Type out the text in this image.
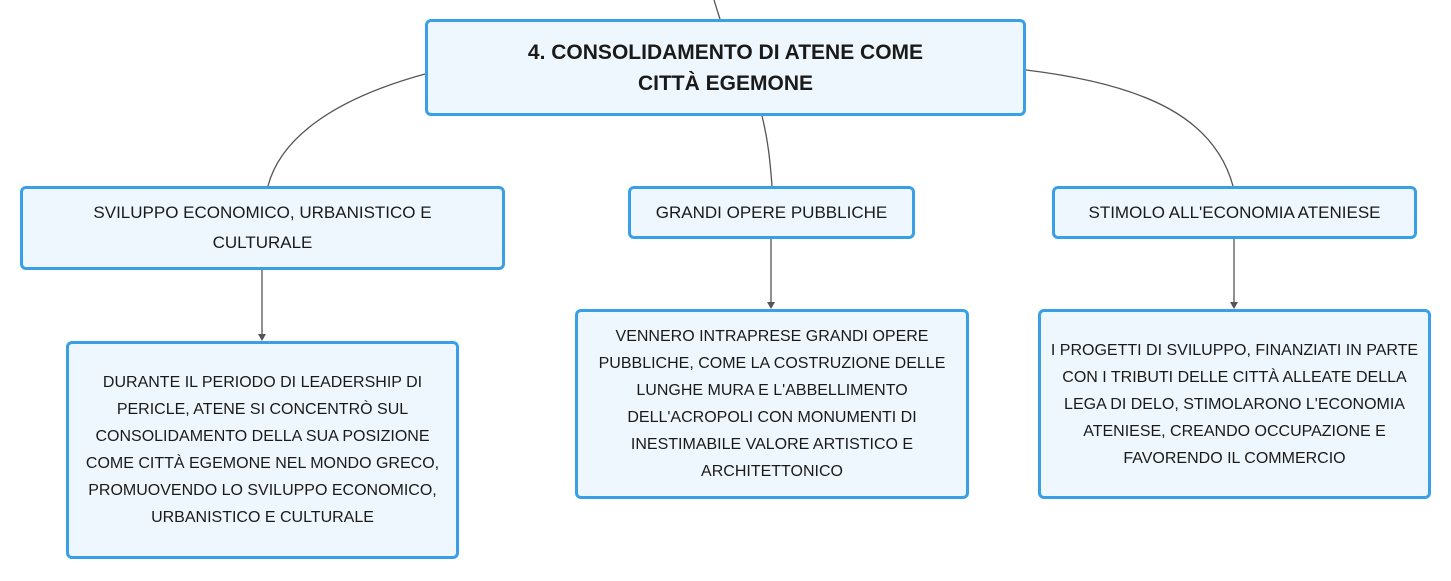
4. CONSOLIDAMENTO DI ATENE COME CITTÀ EGEMONE
SVILUPPO ECONOMICO, URBANISTICO E CULTURALE
GRANDI OPERE PUBBLICHE	STIMOLO ALL'ECONOMIA ATENIESE
DURANTE IL PERIODO DI LEADERSHIP DI PERICLE, ATENE SI CONCENTRÒ SUL CONSOLIDAMENTO DELLA SUA POSIZIONE COME CITTÀ EGEMONE NEL MONDO GRECO, PROMUOVENDO LO SVILUPPO ECONOMICO, URBANISTICO E CULTURALE
VENNERO INTRAPRESE GRANDI OPERE PUBBLICHE, COME LA COSTRUZIONE DELLE LUNGHE MURA E L'ABBELLIMENTO DELL'ACROPOLI CON MONUMENTI DI INESTIMABILE VALORE ARTISTICO E ARCHITETTONICO
I PROGETTI DI SVILUPPO, FINANZIATI IN PARTE CON I TRIBUTI DELLE CITTÀ ALLEATE DELLA LEGA DI DELO, STIMOLARONO L'ECONOMIA ATENIESE, CREANDO OCCUPAZIONE E FAVORENDO IL COMMERCIO
